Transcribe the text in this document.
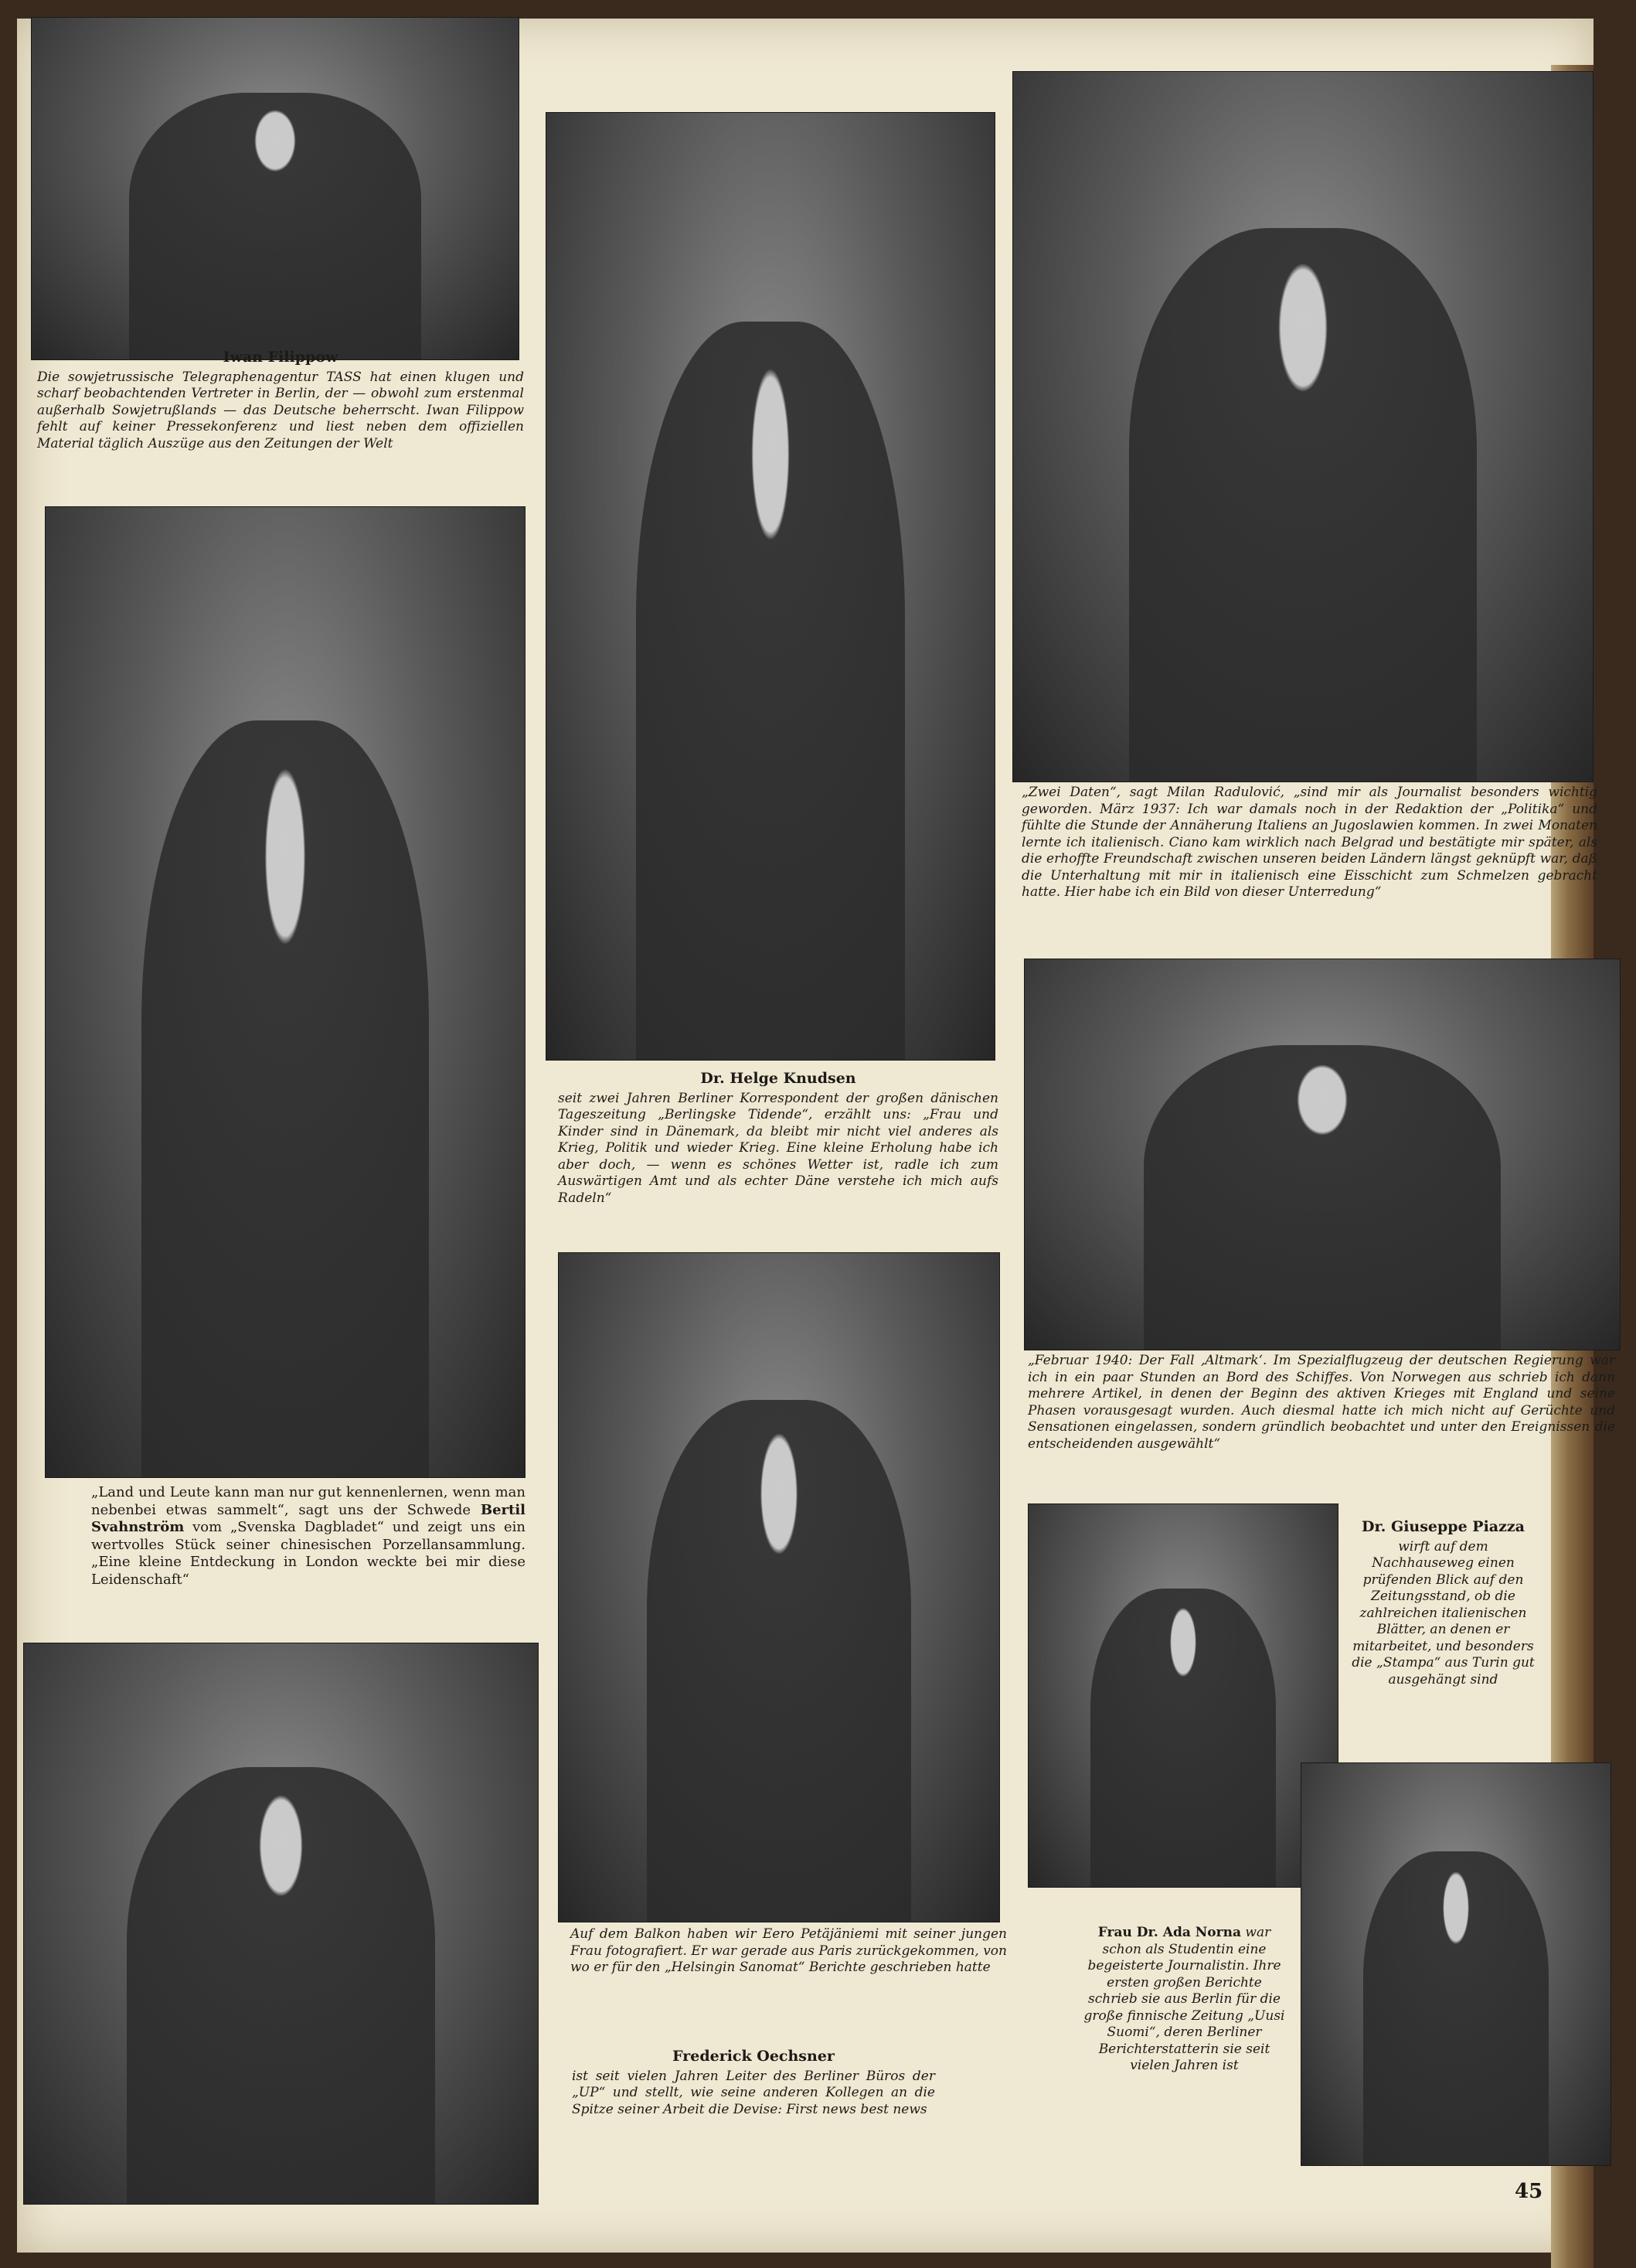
Iwan Filippow
Die sowjetrussische Telegraphenagentur TASS hat einen klugen und scharf beobachtenden Vertreter in Berlin, der — obwohl zum erstenmal außerhalb Sowjetrußlands — das Deutsche beherrscht. Iwan Filippow fehlt auf keiner Pressekonferenz und liest neben dem offiziellen Material täglich Auszüge aus den Zeitungen der Welt
Dr. Helge Knudsen
seit zwei Jahren Berliner Korrespondent der großen dänischen Tageszeitung „Berlingske Tidende“, erzählt uns: „Frau und Kinder sind in Dänemark, da bleibt mir nicht viel anderes als Krieg, Politik und wieder Krieg. Eine kleine Erholung habe ich aber doch, — wenn es schönes Wetter ist, radle ich zum Auswärtigen Amt und als echter Däne verstehe ich mich aufs Radeln“
„Zwei Daten“, sagt Milan Radulović, „sind mir als Journalist besonders wichtig geworden. März 1937: Ich war damals noch in der Redaktion der „Politika“ und fühlte die Stunde der Annäherung Italiens an Jugoslawien kommen. In zwei Monaten lernte ich italienisch. Ciano kam wirklich nach Belgrad und bestätigte mir später, als die erhoffte Freundschaft zwischen unseren beiden Ländern längst geknüpft war, daß die Unterhaltung mit mir in italienisch eine Eisschicht zum Schmelzen gebracht hatte. Hier habe ich ein Bild von dieser Unterredung“
„Land und Leute kann man nur gut kennenlernen, wenn man nebenbei etwas sammelt“, sagt uns der Schwede Bertil Svahnström vom „Svenska Dagbladet“ und zeigt uns ein wertvolles Stück seiner chinesischen Porzellansammlung. „Eine kleine Entdeckung in London weckte bei mir diese Leidenschaft“
„Februar 1940: Der Fall ‚Altmark‘. Im Spezialflugzeug der deutschen Regierung war ich in ein paar Stunden an Bord des Schiffes. Von Norwegen aus schrieb ich dann mehrere Artikel, in denen der Beginn des aktiven Krieges mit England und seine Phasen vorausgesagt wurden. Auch diesmal hatte ich mich nicht auf Gerüchte und Sensationen eingelassen, sondern gründlich beobachtet und unter den Ereignissen die entscheidenden ausgewählt“
Auf dem Balkon haben wir Eero Petäjäniemi mit seiner jungen Frau fotografiert. Er war gerade aus Paris zurückgekommen, von wo er für den „Helsingin Sanomat“ Berichte geschrieben hatte
Dr. Giuseppe Piazza
wirft auf dem Nachhauseweg einen prüfenden Blick auf den Zeitungsstand, ob die zahlreichen italienischen Blätter, an denen er mitarbeitet, und besonders die „Stampa“ aus Turin gut ausgehängt sind
Frederick Oechsner
ist seit vielen Jahren Leiter des Berliner Büros der „UP“ und stellt, wie seine anderen Kollegen an die Spitze seiner Arbeit die Devise: First news best news
Frau Dr. Ada Norna war schon als Studentin eine begeisterte Journalistin. Ihre ersten großen Berichte schrieb sie aus Berlin für die große finnische Zeitung „Uusi Suomi“, deren Berliner Berichterstatterin sie seit vielen Jahren ist
45
